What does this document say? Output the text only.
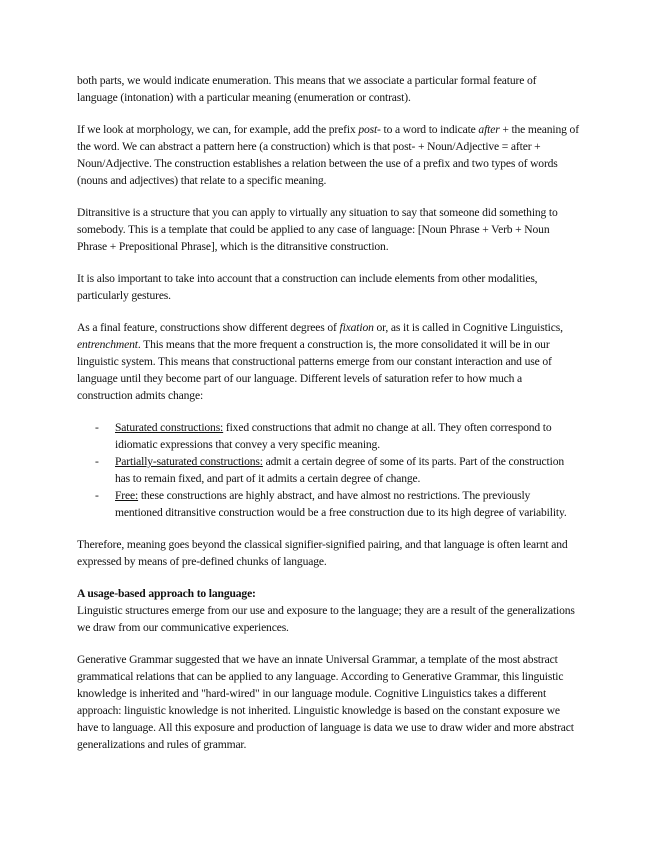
both parts, we would indicate enumeration. This means that we associate a particular formal feature of language (intonation) with a particular meaning (enumeration or contrast).

If we look at morphology, we can, for example, add the prefix post- to a word to indicate after + the meaning of the word. We can abstract a pattern here (a construction) which is that post- + Noun/Adjective = after + Noun/Adjective. The construction establishes a relation between the use of a prefix and two types of words (nouns and adjectives) that relate to a specific meaning.

Ditransitive is a structure that you can apply to virtually any situation to say that someone did something to somebody. This is a template that could be applied to any case of language: [Noun Phrase + Verb + Noun Phrase + Prepositional Phrase], which is the ditransitive construction.

It is also important to take into account that a construction can include elements from other modalities, particularly gestures.

As a final feature, constructions show different degrees of fixation or, as it is called in Cognitive Linguistics, entrenchment. This means that the more frequent a construction is, the more consolidated it will be in our linguistic system. This means that constructional patterns emerge from our constant interaction and use of language until they become part of our language. Different levels of saturation refer to how much a construction admits change:

- Saturated constructions: fixed constructions that admit no change at all. They often correspond to idiomatic expressions that convey a very specific meaning.
- Partially-saturated constructions: admit a certain degree of some of its parts. Part of the construction has to remain fixed, and part of it admits a certain degree of change.
- Free: these constructions are highly abstract, and have almost no restrictions. The previously mentioned ditransitive construction would be a free construction due to its high degree of variability.

Therefore, meaning goes beyond the classical signifier-signified pairing, and that language is often learnt and expressed by means of pre-defined chunks of language.

A usage-based approach to language:

Linguistic structures emerge from our use and exposure to the language; they are a result of the generalizations we draw from our communicative experiences.

Generative Grammar suggested that we have an innate Universal Grammar, a template of the most abstract grammatical relations that can be applied to any language. According to Generative Grammar, this linguistic knowledge is inherited and "hard-wired" in our language module. Cognitive Linguistics takes a different approach: linguistic knowledge is not inherited. Linguistic knowledge is based on the constant exposure we have to language. All this exposure and production of language is data we use to draw wider and more abstract generalizations and rules of grammar.
